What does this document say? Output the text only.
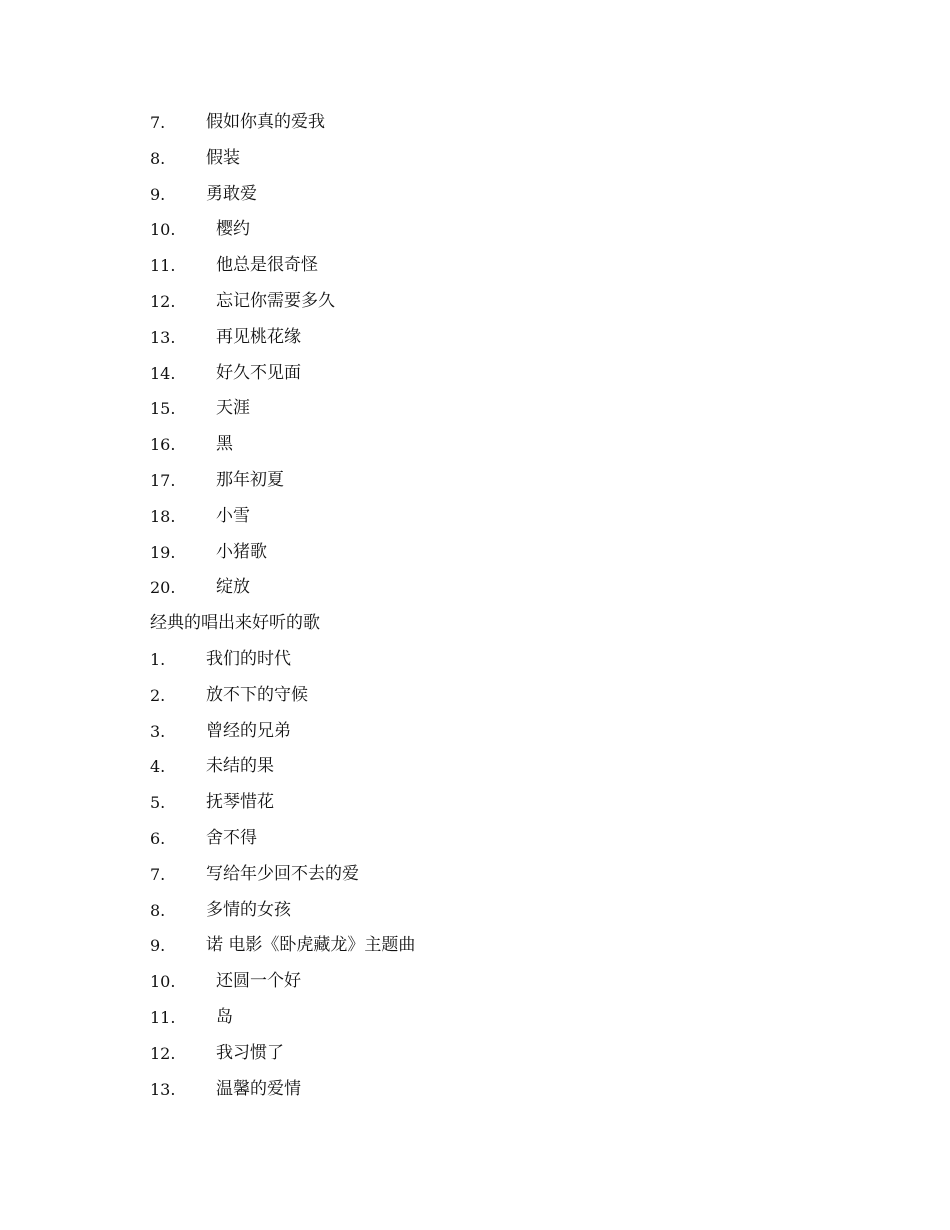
7.	假如你真的爱我
8.	假装
9.	勇敢爱
10.	樱约
11.	他总是很奇怪
12.	忘记你需要多久
13.	再见桃花缘
14.	好久不见面
15.	天涯
16.	黑
17.	那年初夏
18.	小雪
19.	小猪歌
20.	绽放
经典的唱出来好听的歌
1.	我们的时代
2.	放不下的守候
3.	曾经的兄弟
4.	未结的果
5.	抚琴惜花
6.	舍不得
7.	写给年少回不去的爱
8.	多情的女孩
9.	诺 电影《卧虎藏龙》主题曲
10.	还圆一个好
11.	岛
12.	我习惯了
13.	温馨的爱情
